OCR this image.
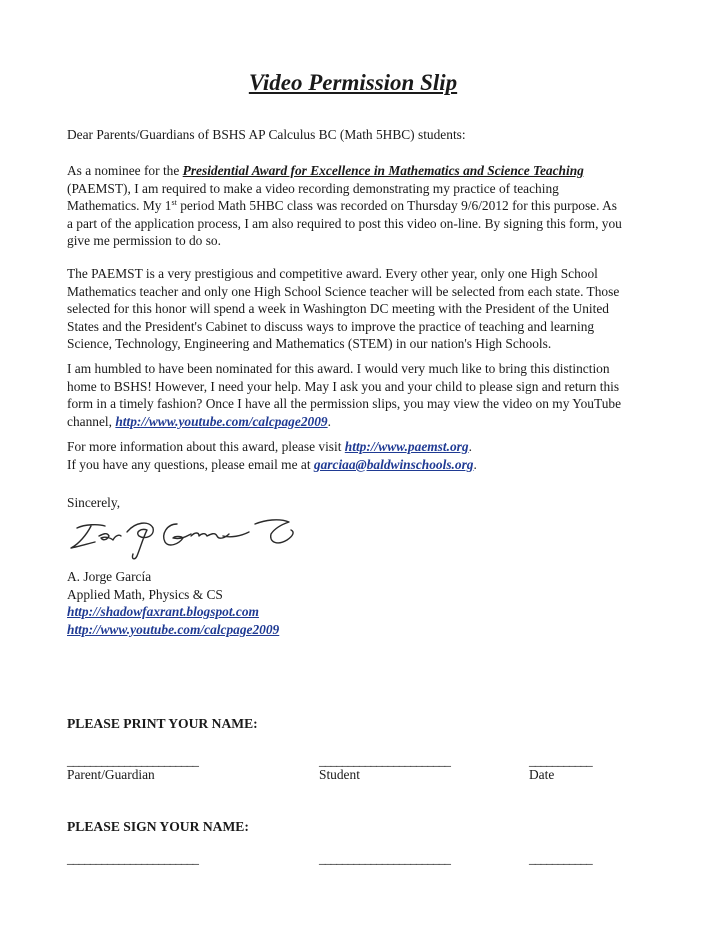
Video Permission Slip

Dear Parents/Guardians of BSHS AP Calculus BC (Math 5HBC) students:

As a nominee for the Presidential Award for Excellence in Mathematics and Science Teaching
(PAEMST), I am required to make a video recording demonstrating my practice of teaching
Mathematics. My 1st period Math 5HBC class was recorded on Thursday 9/6/2012 for this purpose. As
a part of the application process, I am also required to post this video on-line. By signing this form, you
give me permission to do so.

The PAEMST is a very prestigious and competitive award. Every other year, only one High School
Mathematics teacher and only one High School Science teacher will be selected from each state. Those
selected for this honor will spend a week in Washington DC meeting with the President of the United
States and the President's Cabinet to discuss ways to improve the practice of teaching and learning
Science, Technology, Engineering and Mathematics (STEM) in our nation's High Schools.

I am humbled to have been nominated for this award. I would very much like to bring this distinction
home to BSHS! However, I need your help. May I ask you and your child to please sign and return this
form in a timely fashion? Once I have all the permission slips, you may view the video on my YouTube
channel, http://www.youtube.com/calcpage2009.

For more information about this award, please visit http://www.paemst.org.
If you have any questions, please email me at garciaa@baldwinschools.org.

Sincerely,

A. Jorge García
Applied Math, Physics & CS
http://shadowfaxrant.blogspot.com
http://www.youtube.com/calcpage2009

PLEASE PRINT YOUR NAME:
_______________________	_______________________	___________
Parent/Guardian	Student	Date
PLEASE SIGN YOUR NAME:
_______________________	_______________________	___________
